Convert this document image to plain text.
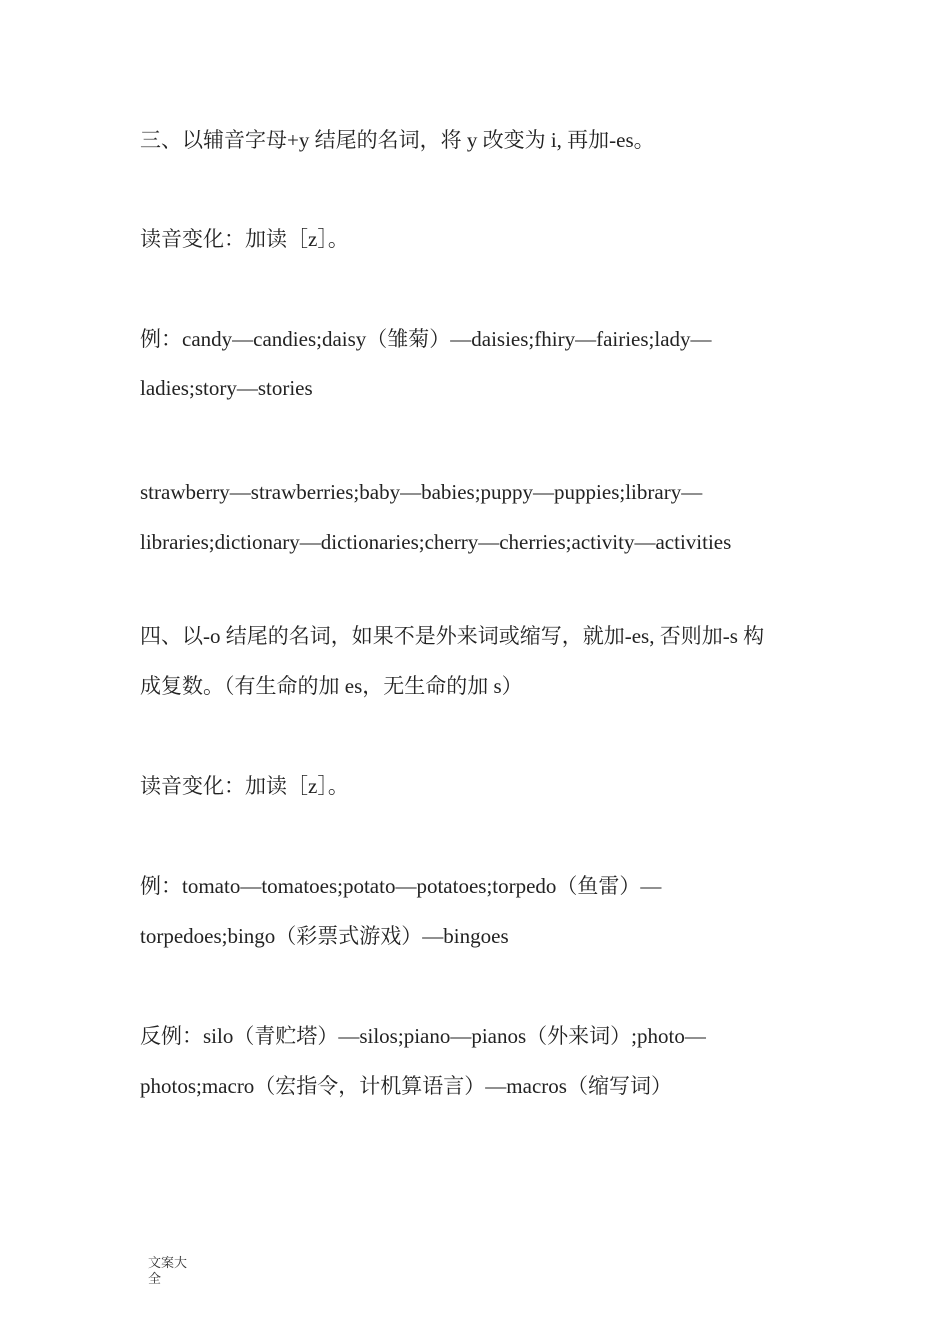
三、以辅音字母+y 结尾的名词，将 y 改变为 i, 再加-es。
读音变化：加读［z］。
例：candy—candies;daisy（雏菊）—daisies;fhiry—fairies;lady—
ladies;story—stories
strawberry—strawberries;baby—babies;puppy—puppies;library—
libraries;dictionary—dictionaries;cherry—cherries;activity—activities
四、以-o 结尾的名词，如果不是外来词或缩写，就加-es, 否则加-s 构
成复数。（有生命的加 es，无生命的加 s）
读音变化：加读［z］。
例：tomato—tomatoes;potato—potatoes;torpedo（鱼雷）—
torpedoes;bingo（彩票式游戏）—bingoes
反例：silo（青贮塔）—silos;piano—pianos（外来词）;photo—
photos;macro（宏指令，计机算语言）—macros（缩写词）
文案大全
